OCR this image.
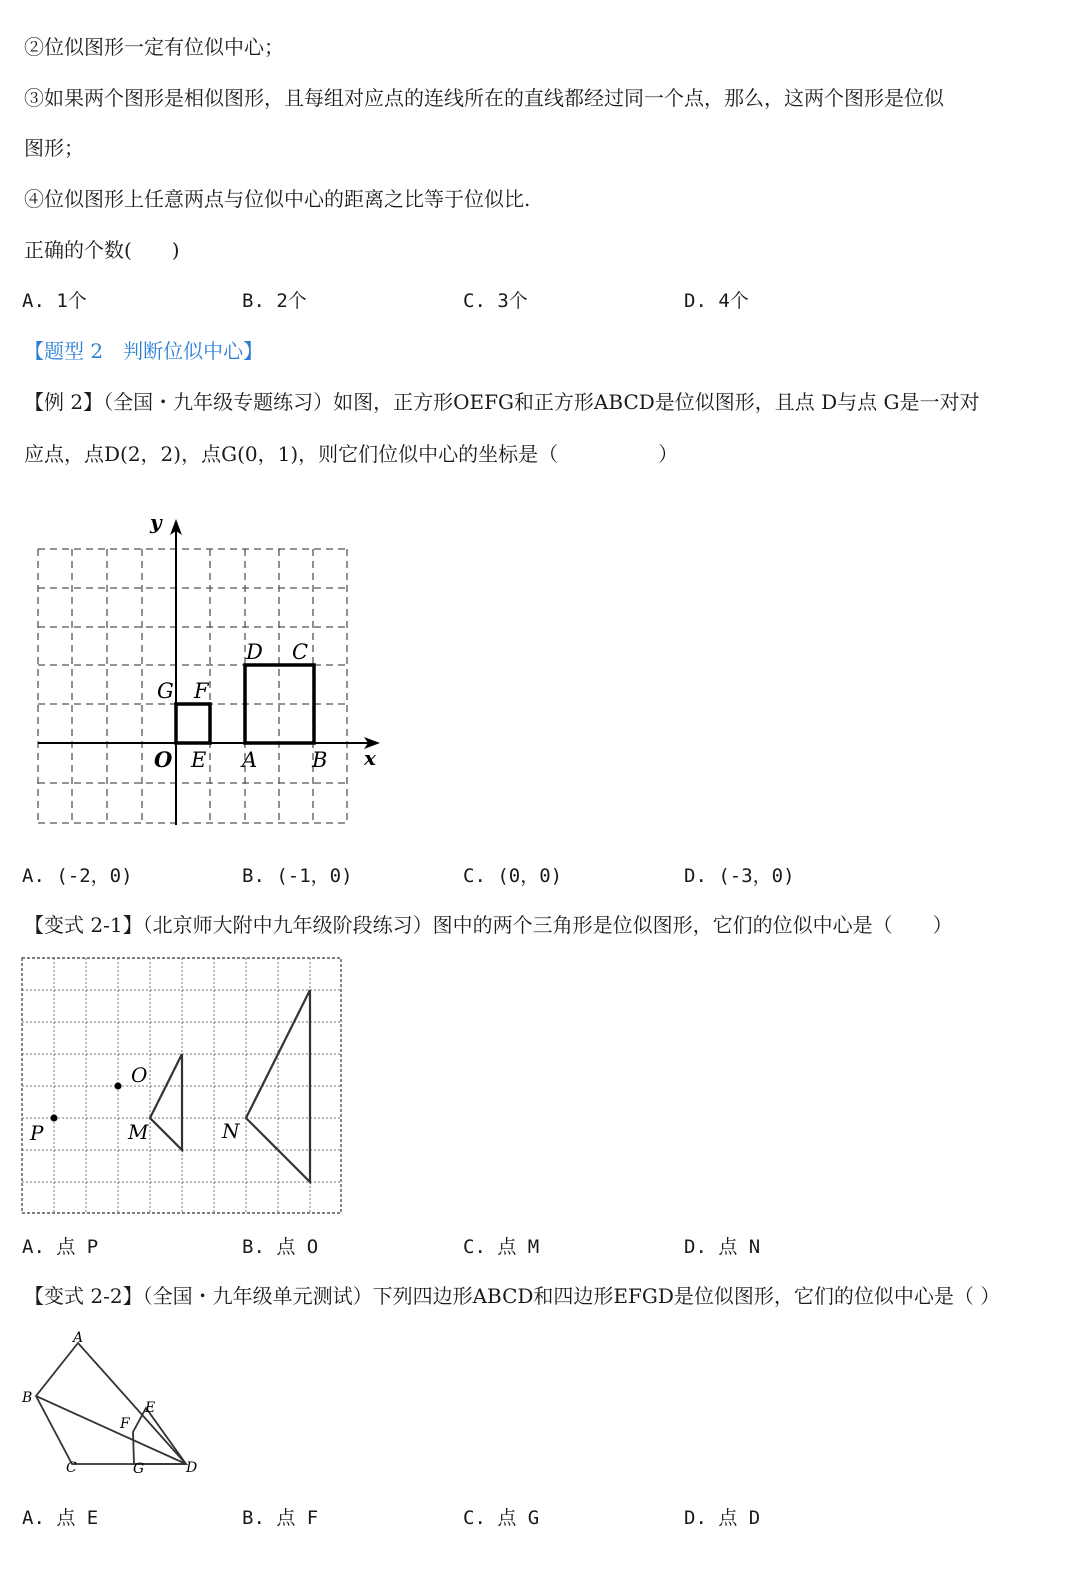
②位似图形一定有位似中心；
③如果两个图形是相似图形，且每组对应点的连线所在的直线都经过同一个点，那么，这两个图形是位似
图形；
④位似图形上任意两点与位似中心的距离之比等于位似比.
正确的个数(　　)
A. 1个	B. 2个	C. 3个	D. 4个
【题型 2　判断位似中心】
【例 2】（全国・九年级专题练习）如图，正方形OEFG和正方形ABCD是位似图形，且点 D与点 G是一对对
应点，点D(2，2)，点G(0，1)，则它们位似中心的坐标是（　　　　　）
y
x
O E
G F
D C
A	B
A. (-2，0)	B. (-1，0)	C. (0，0)	D. (-3，0)
【变式 2-1】（北京师大附中九年级阶段练习）图中的两个三角形是位似图形，它们的位似中心是（　　）
P
O
M	N
A. 点 P	B. 点 O	C. 点 M	D. 点 N
【变式 2-2】（全国・九年级单元测试）下列四边形ABCD和四边形EFGD是位似图形，它们的位似中心是（ ）
A
B
C	D
E
F
G
A. 点 E	B. 点 F	C. 点 G	D. 点 D
